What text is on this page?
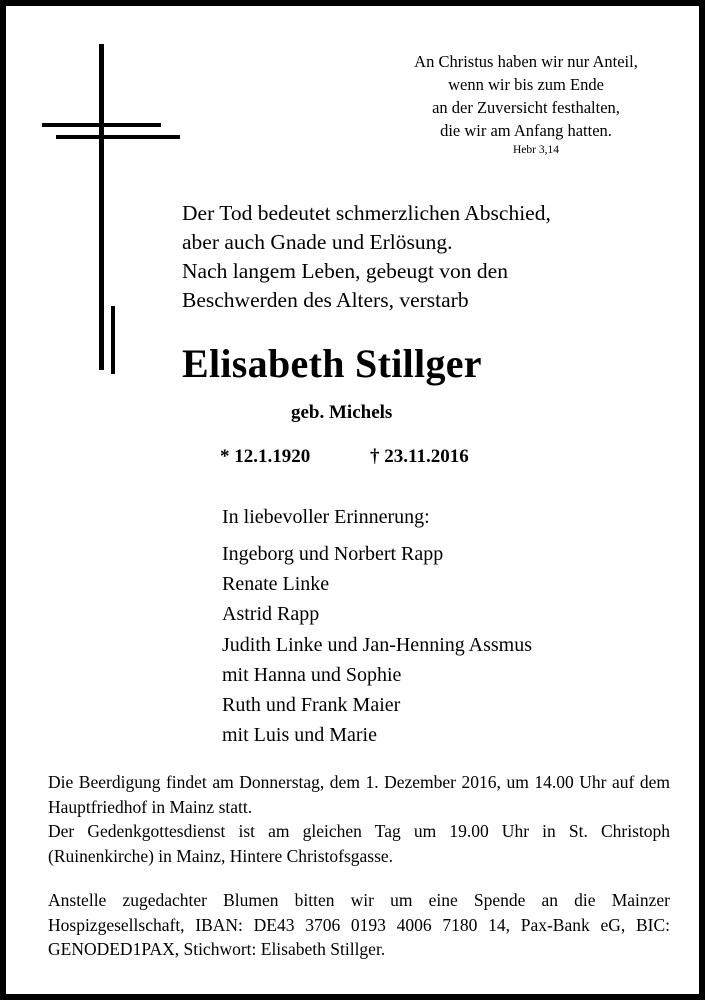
An Christus haben wir nur Anteil,
wenn wir bis zum Ende
an der Zuversicht festhalten,
die wir am Anfang hatten.
Hebr 3,14
Der Tod bedeutet schmerzlichen Abschied,
aber auch Gnade und Erlösung.
Nach langem Leben, gebeugt von den
Beschwerden des Alters, verstarb
Elisabeth Stillger
geb. Michels
* 12.1.1920	† 23.11.2016
In liebevoller Erinnerung:
Ingeborg und Norbert Rapp
Renate Linke
Astrid Rapp
Judith Linke und Jan-Henning Assmus
mit Hanna und Sophie
Ruth und Frank Maier
mit Luis und Marie

Die Beerdigung findet am Donnerstag, dem 1. Dezember 2016, um 14.00 Uhr auf dem Hauptfriedhof in Mainz statt.

Der Gedenkgottesdienst ist am gleichen Tag um 19.00 Uhr in St. Christoph (Ruinenkirche) in Mainz, Hintere Christofsgasse.

Anstelle zugedachter Blumen bitten wir um eine Spende an die Mainzer Hospizgesellschaft, IBAN: DE43 3706 0193 4006 7180 14, Pax-Bank eG, BIC: GENODED1PAX, Stichwort: Elisabeth Stillger.
